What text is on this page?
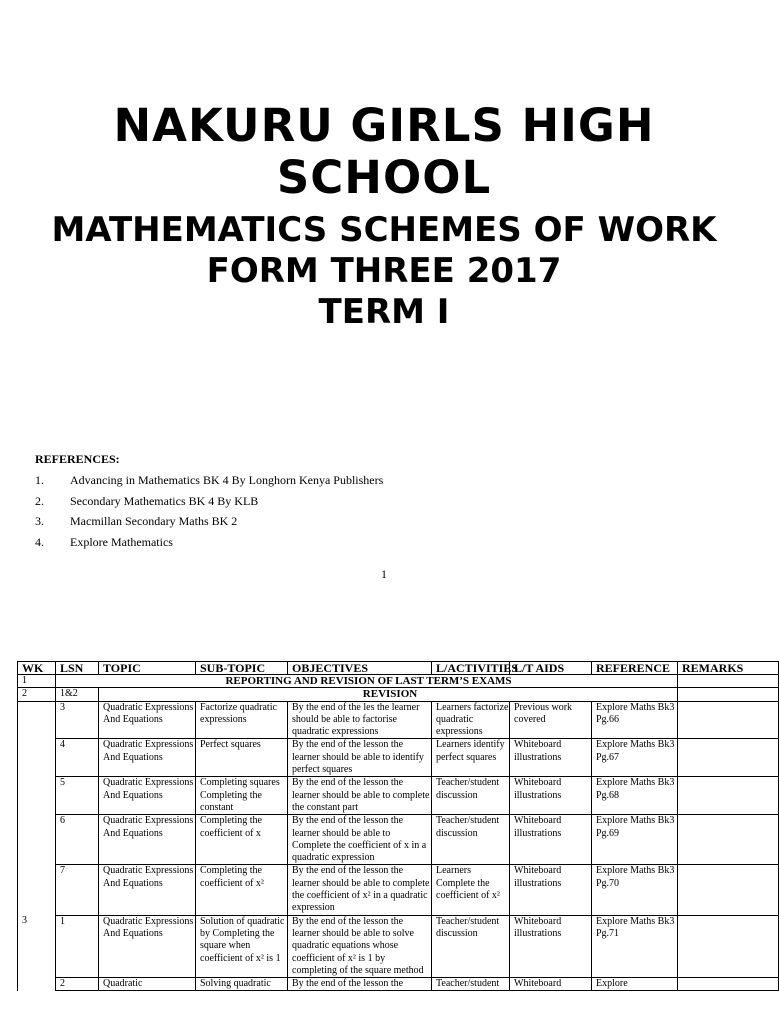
NAKURU GIRLS HIGH
SCHOOL
MATHEMATICS SCHEMES OF WORK
FORM THREE 2017
TERM I
REFERENCES:
1. Advancing in Mathematics BK 4 By Longhorn Kenya Publishers
2. Secondary Mathematics BK 4 By KLB
3. Macmillan Secondary Maths BK 2
4. Explore Mathematics
1
WK	LSN	TOPIC	SUB-TOPIC	OBJECTIVES	L/ACTIVITIES	L/T AIDS	REFERENCE	REMARKS
1	REPORTING AND REVISION OF LAST TERM’S EXAMS							
2	1&2	REVISION						
	3	Quadratic Expressions And Equations	Factorize quadratic expressions	By the end of the les the learner should be able to factorise quadratic expressions	Learners factorize quadratic expressions	Previous work covered	Explore Maths Bk3 Pg.66	
	4	Quadratic Expressions And Equations	Perfect squares	By the end of the lesson the learner should be able to identify perfect squares	Learners identify perfect squares	Whiteboard illustrations	Explore Maths Bk3 Pg.67	
	5	Quadratic Expressions And Equations	Completing squares Completing the constant	By the end of the lesson the learner should be able to complete the constant part	Teacher/student discussion	Whiteboard illustrations	Explore Maths Bk3 Pg.68	
	6	Quadratic Expressions And Equations	Completing the coefficient of x	By the end of the lesson the learner should be able to Complete the coefficient of x in a quadratic expression	Teacher/student discussion	Whiteboard illustrations	Explore Maths Bk3 Pg.69	
	7	Quadratic Expressions And Equations	Completing the coefficient of x²	By the end of the lesson the learner should be able to complete the coefficient of x² in a quadratic expression	Learners Complete the coefficient of x²	Whiteboard illustrations	Explore Maths Bk3 Pg.70	
3	1	Quadratic Expressions And Equations	Solution of quadratic by Completing the square when coefficient of x² is 1	By the end of the lesson the learner should be able to solve quadratic equations whose coefficient of x² is 1 by completing of the square method	Teacher/student discussion	Whiteboard illustrations	Explore Maths Bk3 Pg.71	
	2	Quadratic	Solving quadratic	By the end of the lesson the	Teacher/student	Whiteboard	Explore	
